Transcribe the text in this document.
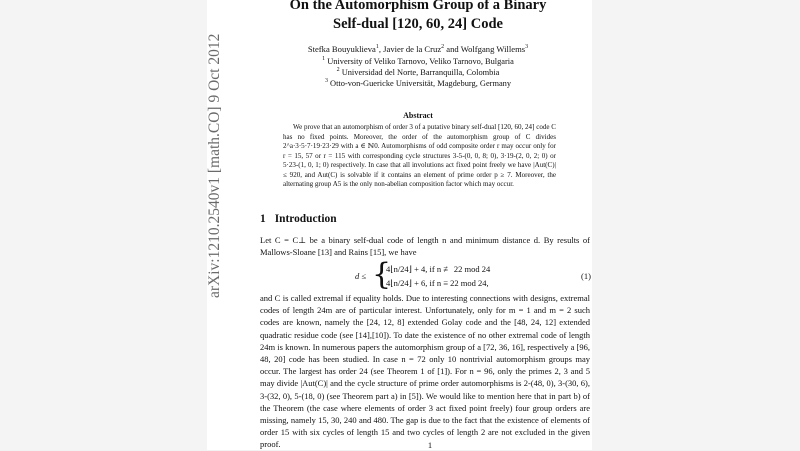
arXiv:1210.2540v1 [math.CO] 9 Oct 2012
On the Automorphism Group of a Binary
Self-dual [120, 60, 24] Code
Stefka Bouyuklieva$^1$, Javier de la Cruz$^2$ and Wolfgang Willems$^3$
$^1$ University of Veliko Tarnovo, Veliko Tarnovo, Bulgaria
$^2$ Universidad del Norte, Barranquilla, Colombia
$^3$ Otto-von-Guericke Universität, Magdeburg, Germany
Abstract
We prove that an automorphism of order 3 of a putative binary self-dual [120, 60, 24] code C has no fixed points. Moreover, the order of the automorphism group of C divides 2^a·3·5·7·19·23·29 with a ∈ ℕ0. Automorphisms of odd composite order r may occur only for r = 15, 57 or r = 115 with corresponding cycle structures 3-5-(0, 0, 8; 0), 3·19-(2, 0, 2; 0) or 5·23-(1, 0, 1; 0) respectively. In case that all involutions act fixed point freely we have |Aut(C)| ≤ 920, and Aut(C) is solvable if it contains an element of prime order p ≥ 7. Moreover, the alternating group A5 is the only non-abelian composition factor which may occur.
1 Introduction
Let C = C⊥ be a binary self-dual code of length n and minimum distance d. By results of Mallows-Sloane [13] and Rains [15], we have
d ≤ {
4⌊n/24⌋ + 4, if n ≢ 22 mod 24
4⌊n/24⌋ + 6, if n ≡ 22 mod 24,
(1)
and C is called extremal if equality holds. Due to interesting connections with designs, extremal codes of length 24m are of particular interest. Unfortunately, only for m = 1 and m = 2 such codes are known, namely the [24, 12, 8] extended Golay code and the [48, 24, 12] extended quadratic residue code (see [14],[10]). To date the existence of no other extremal code of length 24m is known. In numerous papers the automorphism group of a [72, 36, 16], respectively a [96, 48, 20] code has been studied. In case n = 72 only 10 nontrivial automorphism groups may occur. The largest has order 24 (see Theorem 1 of [1]). For n = 96, only the primes 2, 3 and 5 may divide |Aut(C)| and the cycle structure of prime order automorphisms is 2-(48, 0), 3-(30, 6), 3-(32, 0), 5-(18, 0) (see Theorem part a) in [5]). We would like to mention here that in part b) of the Theorem (the case where elements of order 3 act fixed point freely) four group orders are missing, namely 15, 30, 240 and 480. The gap is due to the fact that the existence of elements of order 15 with six cycles of length 15 and two cycles of length 2 are not excluded in the given proof.	1
